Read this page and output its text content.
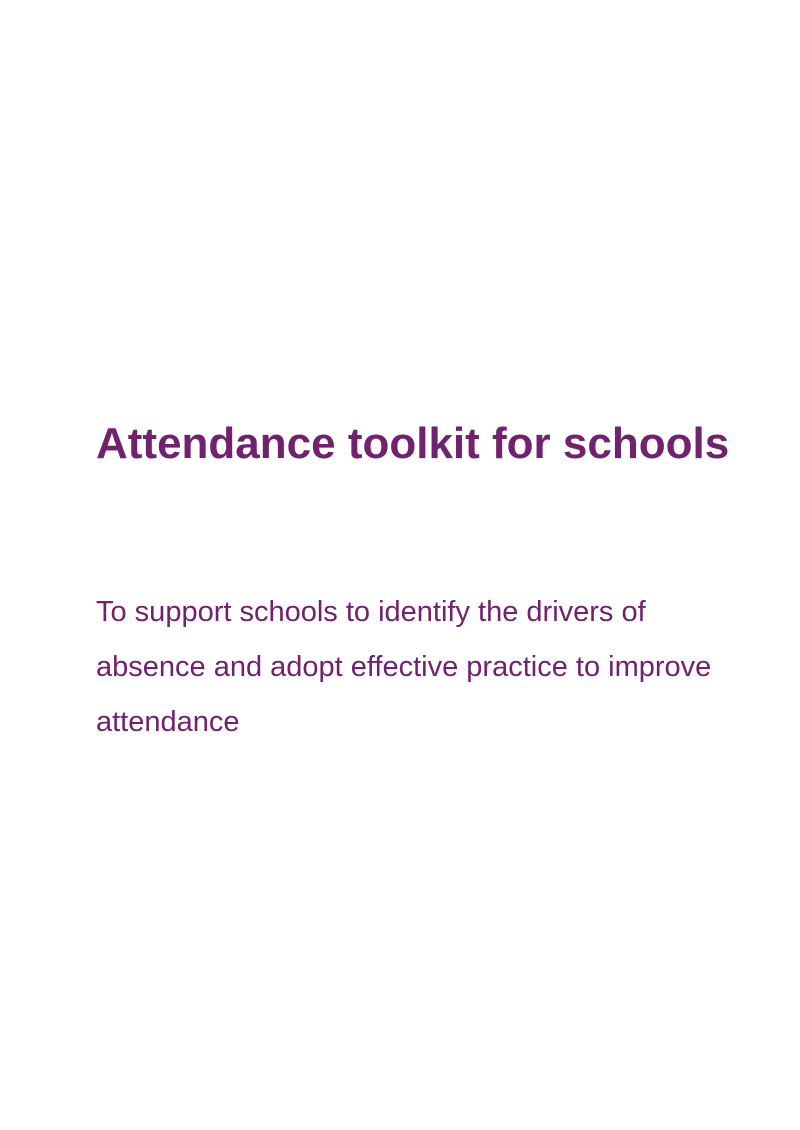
Attendance toolkit for schools

To support schools to identify the drivers of absence and adopt effective practice to improve attendance
